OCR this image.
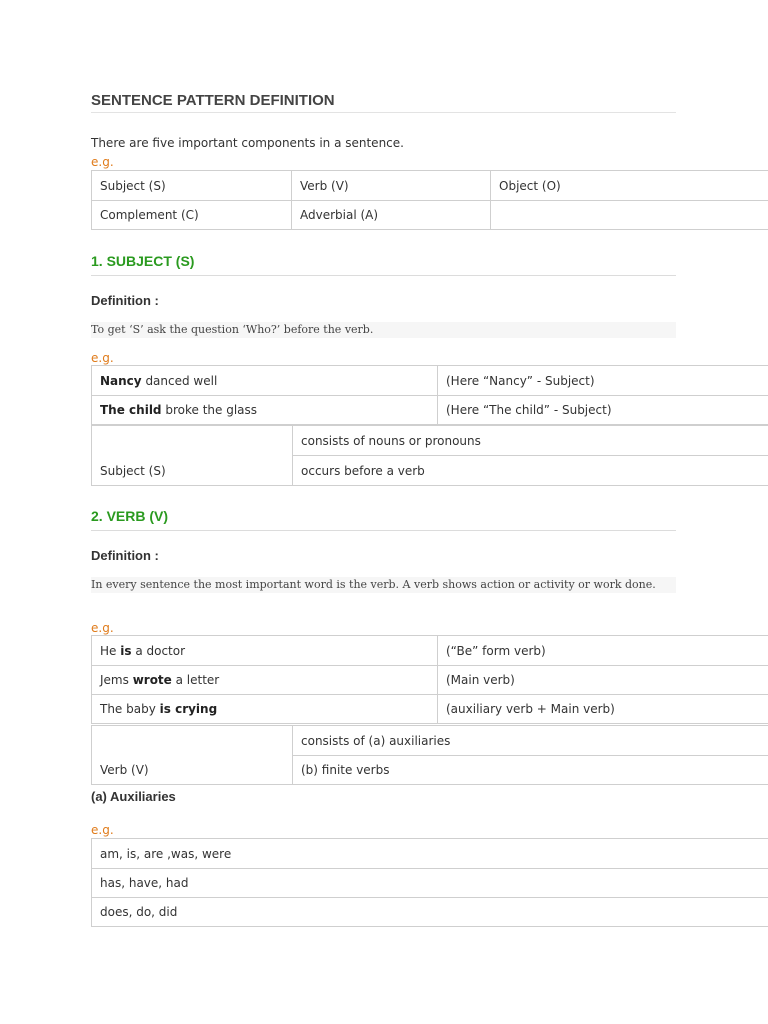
SENTENCE PATTERN DEFINITION
There are five important components in a sentence.
e.g.
Subject (S)	Verb (V)	Object (O)
Complement (C)	Adverbial (A)	
1. SUBJECT (S)
Definition :
To get ‘S’ ask the question ‘Who?’ before the verb.
e.g.
Nancy danced well	(Here “Nancy” - Subject)
The child broke the glass	(Here “The child” - Subject)
Subject (S)	consists of nouns or pronouns
occurs before a verb
2. VERB (V)
Definition :
In every sentence the most important word is the verb. A verb shows action or activity or work done.
e.g.
He is a doctor	(“Be” form verb)
Jems wrote a letter	(Main verb)
The baby is crying	(auxiliary verb + Main verb)
Verb (V)	consists of (a) auxiliaries
(b) finite verbs
(a) Auxiliaries
e.g.
am, is, are ,was, were
has, have, had
does, do, did
